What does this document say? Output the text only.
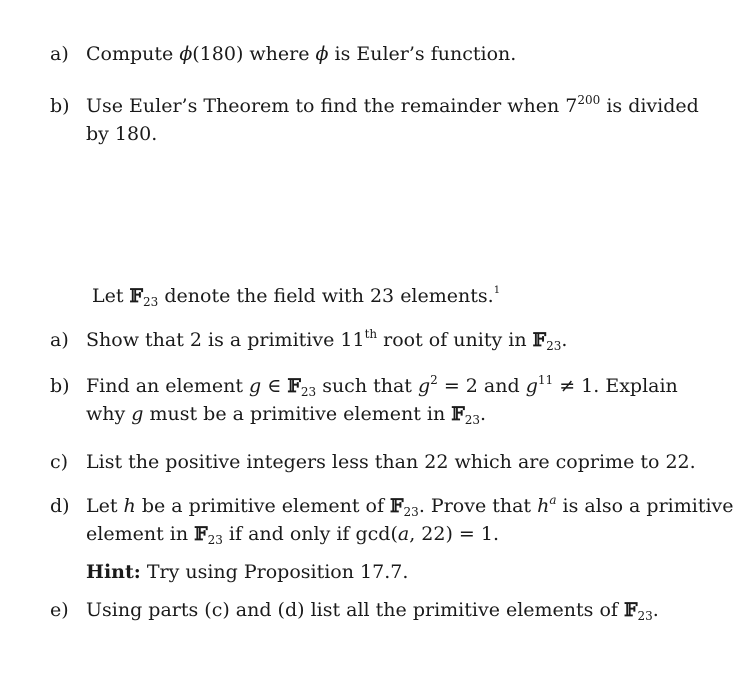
a) Compute ϕ(180) where ϕ is Euler’s function.
b) Use Euler’s Theorem to find the remainder when $7^{200}$ is divided
by 180.
Let 𝔽$_{23}$ denote the field with 23 elements.$^1$
a) Show that 2 is a primitive 11th root of unity in 𝔽$_{23}$.
b) Find an element g ∈ 𝔽$_{23}$ such that $g^2 = 2$ and $g^{11} \ne 1$. Explain
why g must be a primitive element in 𝔽$_{23}$.
c) List the positive integers less than 22 which are coprime to 22.
d) Let h be a primitive element of 𝔽$_{23}$. Prove that $h^a$ is also a primitive
element in 𝔽$_{23}$ if and only if gcd(a, 22) = 1.
Hint: Try using Proposition 17.7.
e) Using parts (c) and (d) list all the primitive elements of 𝔽$_{23}$.
